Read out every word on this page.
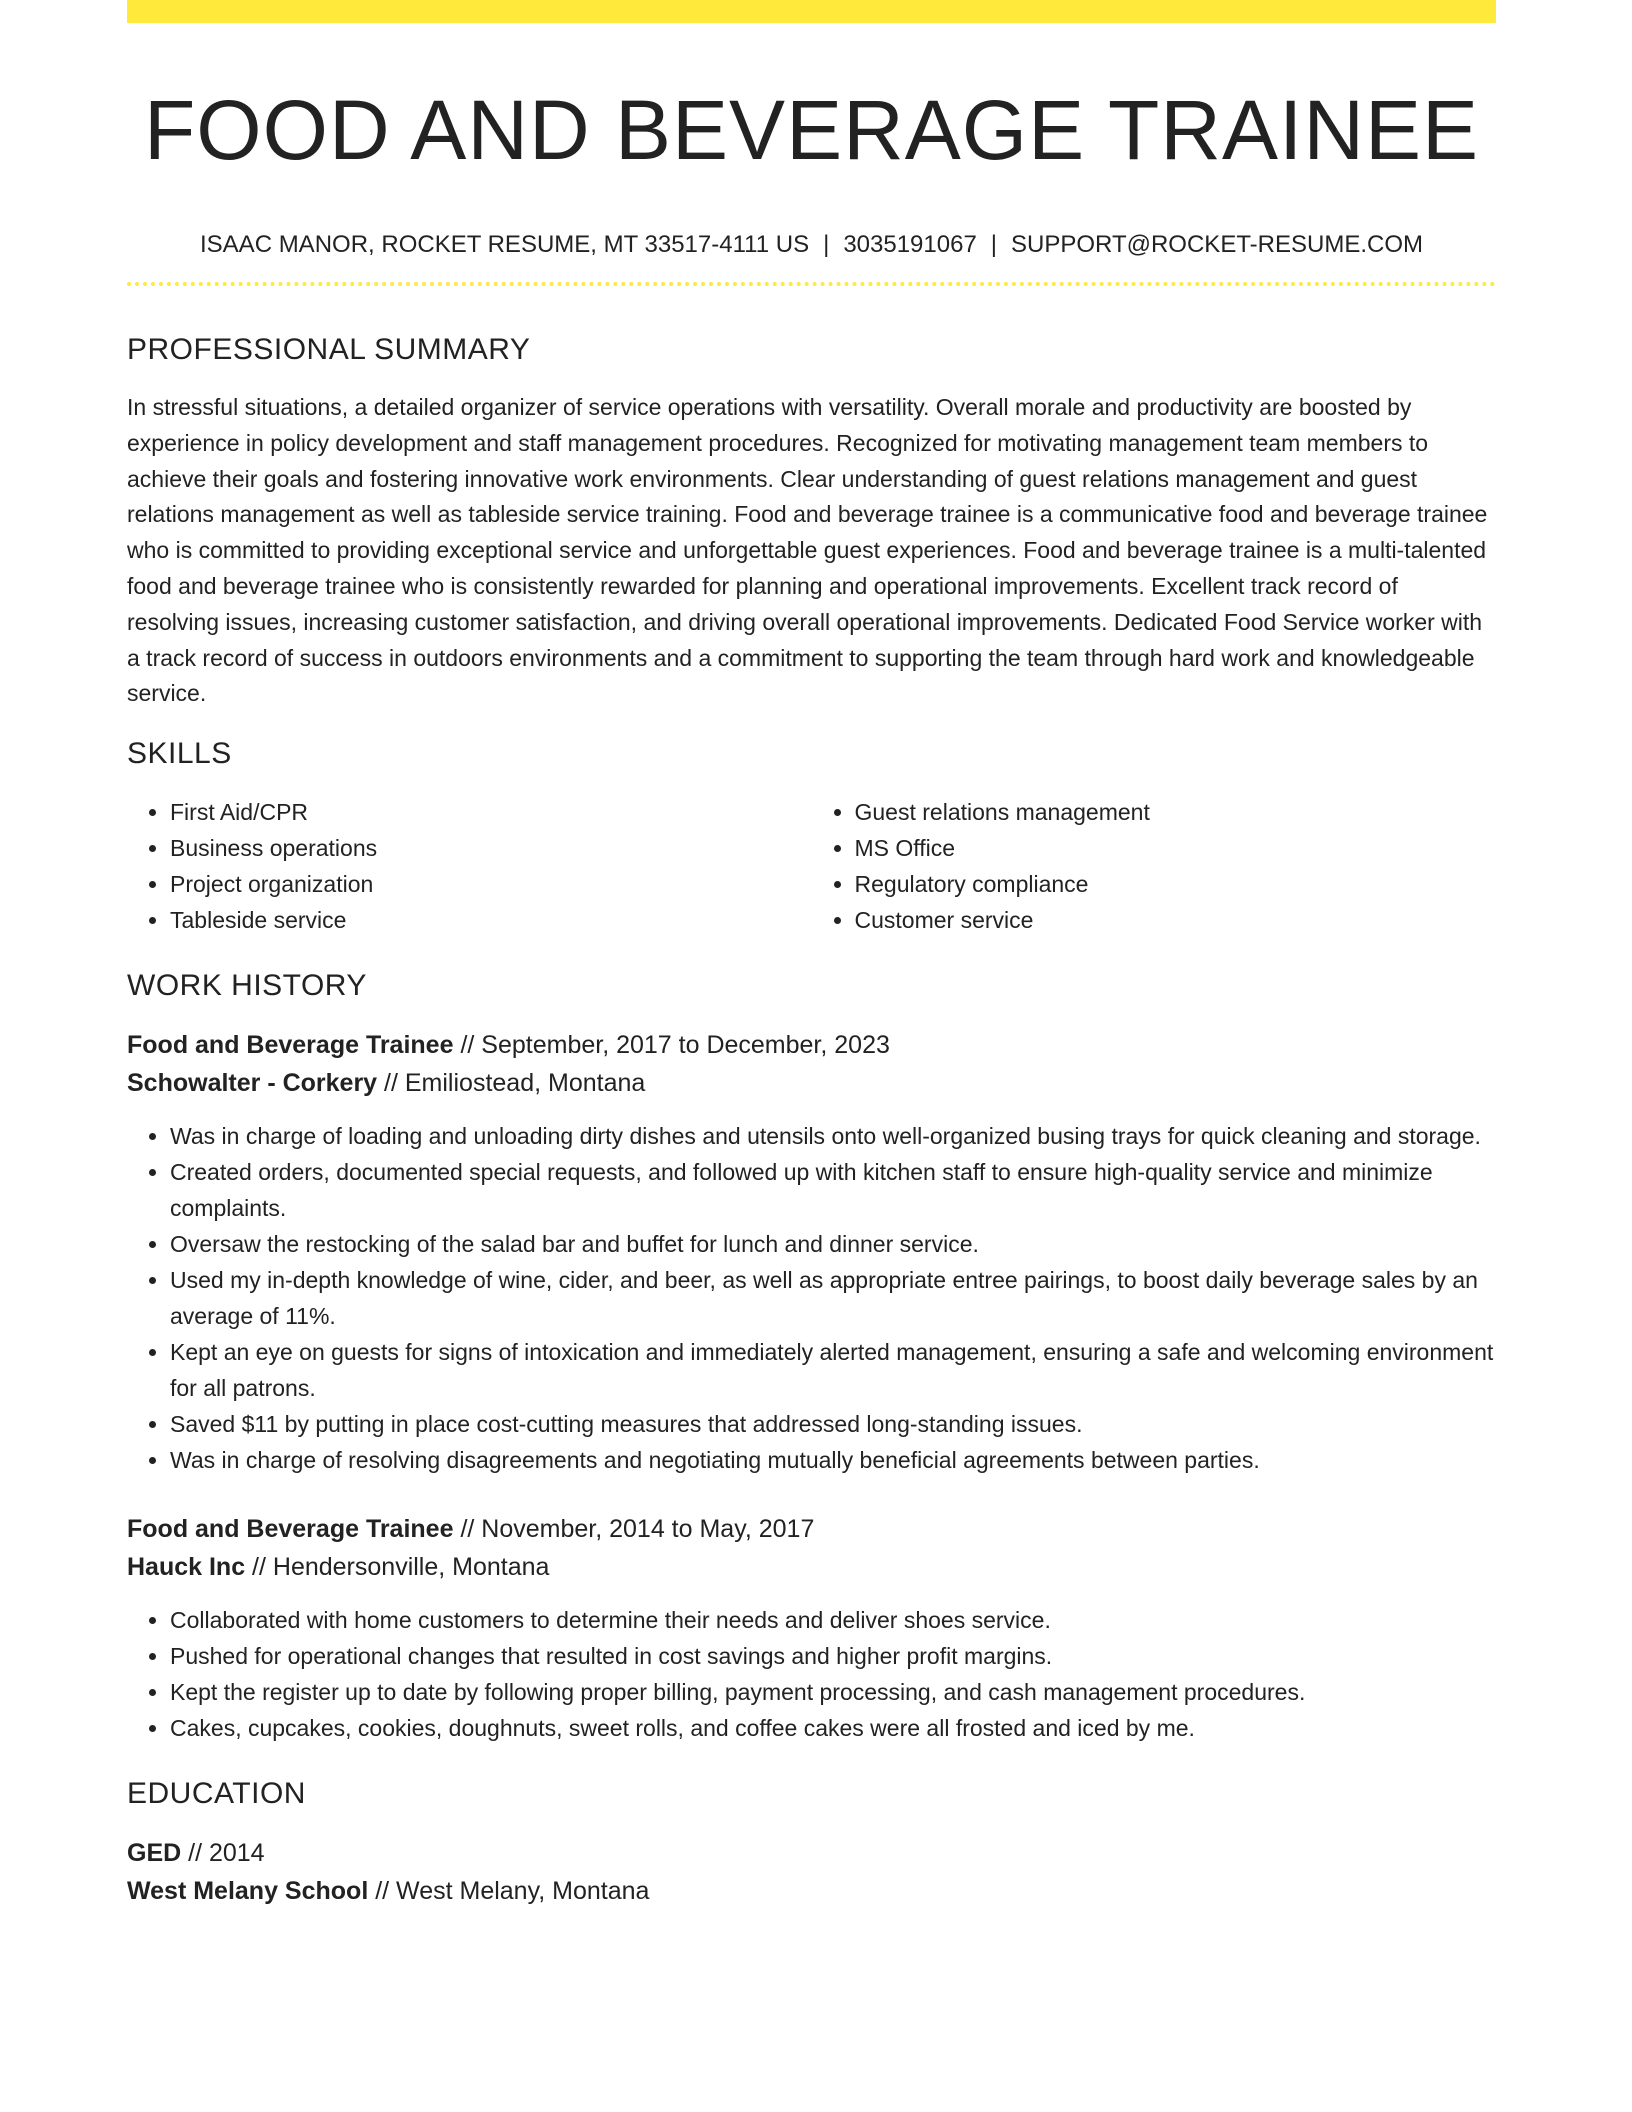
FOOD AND BEVERAGE TRAINEE
ISAAC MANOR, ROCKET RESUME, MT 33517-4111 US | 3035191067 | SUPPORT@ROCKET-RESUME.COM
PROFESSIONAL SUMMARY

In stressful situations, a detailed organizer of service operations with versatility. Overall morale and productivity are boosted by experience in policy development and staff management procedures. Recognized for motivating management team members to achieve their goals and fostering innovative work environments. Clear understanding of guest relations management and guest relations management as well as tableside service training. Food and beverage trainee is a communicative food and beverage trainee who is committed to providing exceptional service and unforgettable guest experiences. Food and beverage trainee is a multi-talented food and beverage trainee who is consistently rewarded for planning and operational improvements. Excellent track record of resolving issues, increasing customer satisfaction, and driving overall operational improvements. Dedicated Food Service worker with a track record of success in outdoors environments and a commitment to supporting the team through hard work and knowledgeable service.

SKILLS
• First Aid/CPR
• Business operations
• Project organization
• Tableside service
• Guest relations management
• MS Office
• Regulatory compliance
• Customer service
WORK HISTORY
Food and Beverage Trainee // September, 2017 to December, 2023
Schowalter - Corkery // Emiliostead, Montana
• Was in charge of loading and unloading dirty dishes and utensils onto well-organized busing trays for quick cleaning and storage.
• Created orders, documented special requests, and followed up with kitchen staff to ensure high-quality service and minimize complaints.
• Oversaw the restocking of the salad bar and buffet for lunch and dinner service.
• Used my in-depth knowledge of wine, cider, and beer, as well as appropriate entree pairings, to boost daily beverage sales by an average of 11%.
• Kept an eye on guests for signs of intoxication and immediately alerted management, ensuring a safe and welcoming environment for all patrons.
• Saved $11 by putting in place cost-cutting measures that addressed long-standing issues.
• Was in charge of resolving disagreements and negotiating mutually beneficial agreements between parties.
Food and Beverage Trainee // November, 2014 to May, 2017
Hauck Inc // Hendersonville, Montana
• Collaborated with home customers to determine their needs and deliver shoes service.
• Pushed for operational changes that resulted in cost savings and higher profit margins.
• Kept the register up to date by following proper billing, payment processing, and cash management procedures.
• Cakes, cupcakes, cookies, doughnuts, sweet rolls, and coffee cakes were all frosted and iced by me.
EDUCATION
GED // 2014
West Melany School // West Melany, Montana
